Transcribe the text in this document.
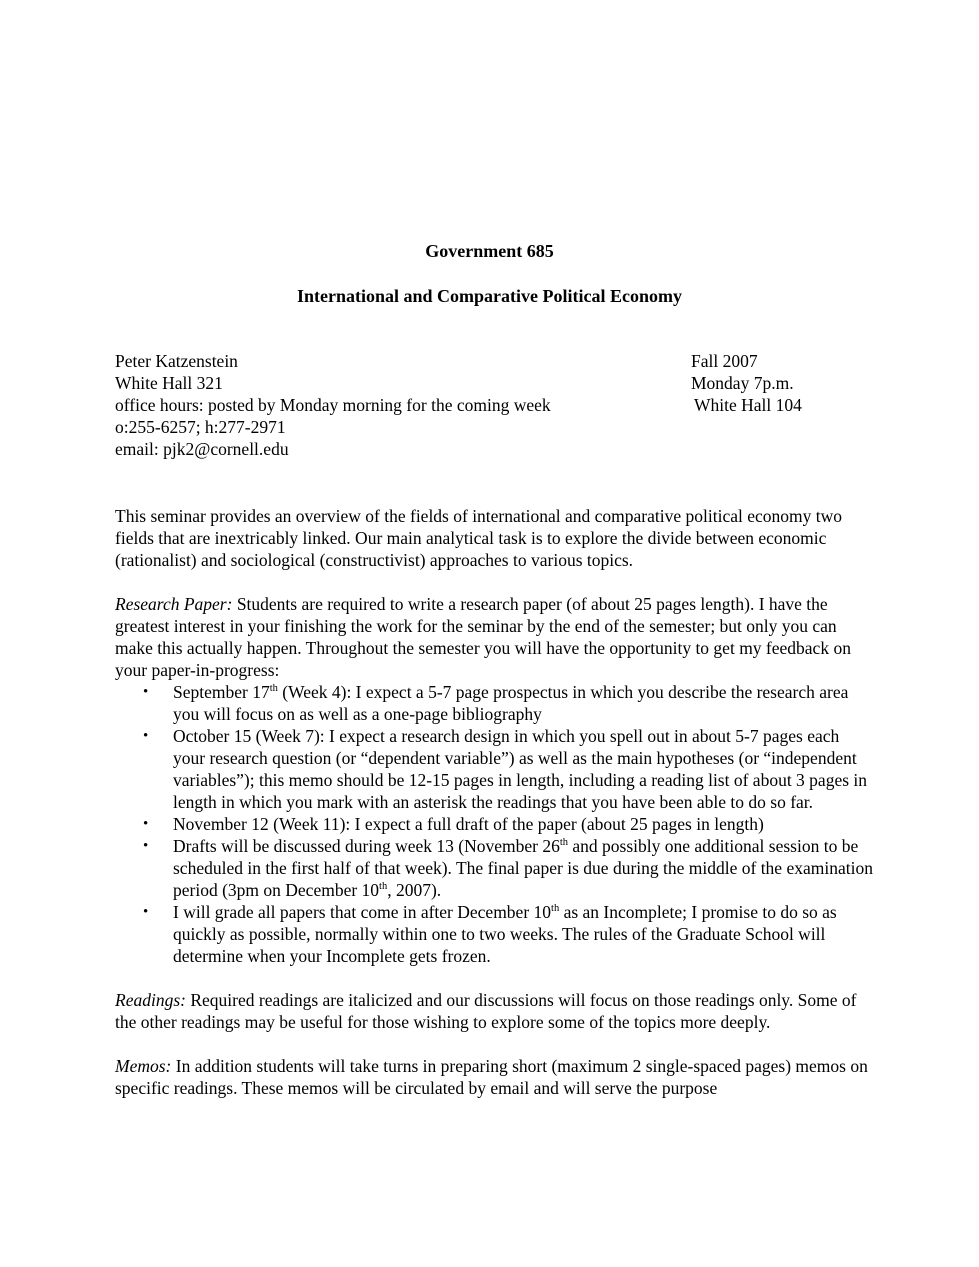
Government 685
International and Comparative Political Economy
Peter Katzenstein
White Hall 321
office hours: posted by Monday morning for the coming week
o:255-6257; h:277-2971
email: pjk2@cornell.edu
Fall 2007
Monday 7p.m.
White Hall 104

This seminar provides an overview of the fields of international and comparative political economy two fields that are inextricably linked. Our main analytical task is to explore the divide between economic (rationalist) and sociological (constructivist) approaches to various topics.

Research Paper: Students are required to write a research paper (of about 25 pages length). I have the greatest interest in your finishing the work for the seminar by the end of the semester; but only you can make this actually happen. Throughout the semester you will have the opportunity to get my feedback on your paper-in-progress:

• September 17th (Week 4): I expect a 5-7 page prospectus in which you describe the research area you will focus on as well as a one-page bibliography
• October 15 (Week 7): I expect a research design in which you spell out in about 5-7 pages each your research question (or “dependent variable”) as well as the main hypotheses (or “independent variables”); this memo should be 12-15 pages in length, including a reading list of about 3 pages in length in which you mark with an asterisk the readings that you have been able to do so far.
• November 12 (Week 11): I expect a full draft of the paper (about 25 pages in length)
• Drafts will be discussed during week 13 (November 26th and possibly one additional session to be scheduled in the first half of that week). The final paper is due during the middle of the examination period (3pm on December 10th, 2007).
• I will grade all papers that come in after December 10th as an Incomplete; I promise to do so as quickly as possible, normally within one to two weeks. The rules of the Graduate School will determine when your Incomplete gets frozen.

Readings: Required readings are italicized and our discussions will focus on those readings only. Some of the other readings may be useful for those wishing to explore some of the topics more deeply.

Memos: In addition students will take turns in preparing short (maximum 2 single-spaced pages) memos on specific readings. These memos will be circulated by email and will serve the purpose
